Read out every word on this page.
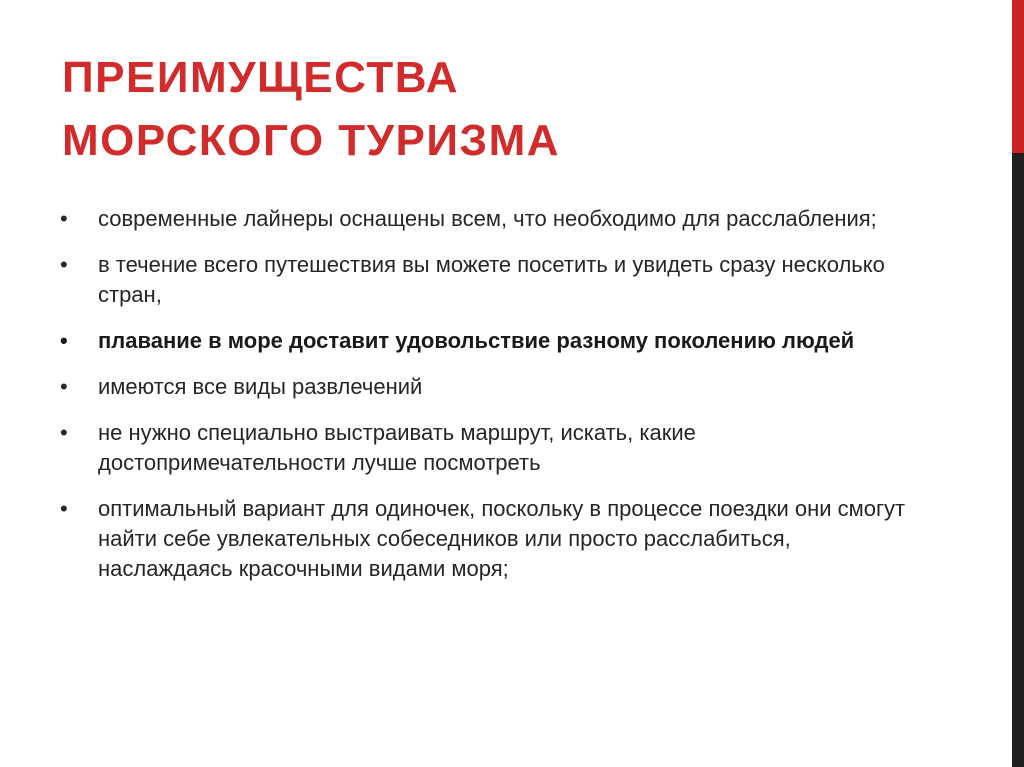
ПРЕИМУЩЕСТВА
МОРСКОГО ТУРИЗМА
•	современные лайнеры оснащены всем, что необходимо для расслабления;
•	в течение всего путешествия вы можете посетить и увидеть сразу несколько стран,
•	плавание в море доставит удовольствие разному поколению людей
•	имеются все виды развлечений
•	не нужно специально выстраивать маршрут, искать, какие достопримечательности лучше посмотреть
•	оптимальный вариант для одиночек, поскольку в процессе поездки они смогут найти себе увлекательных собеседников или просто расслабиться, наслаждаясь красочными видами моря;
